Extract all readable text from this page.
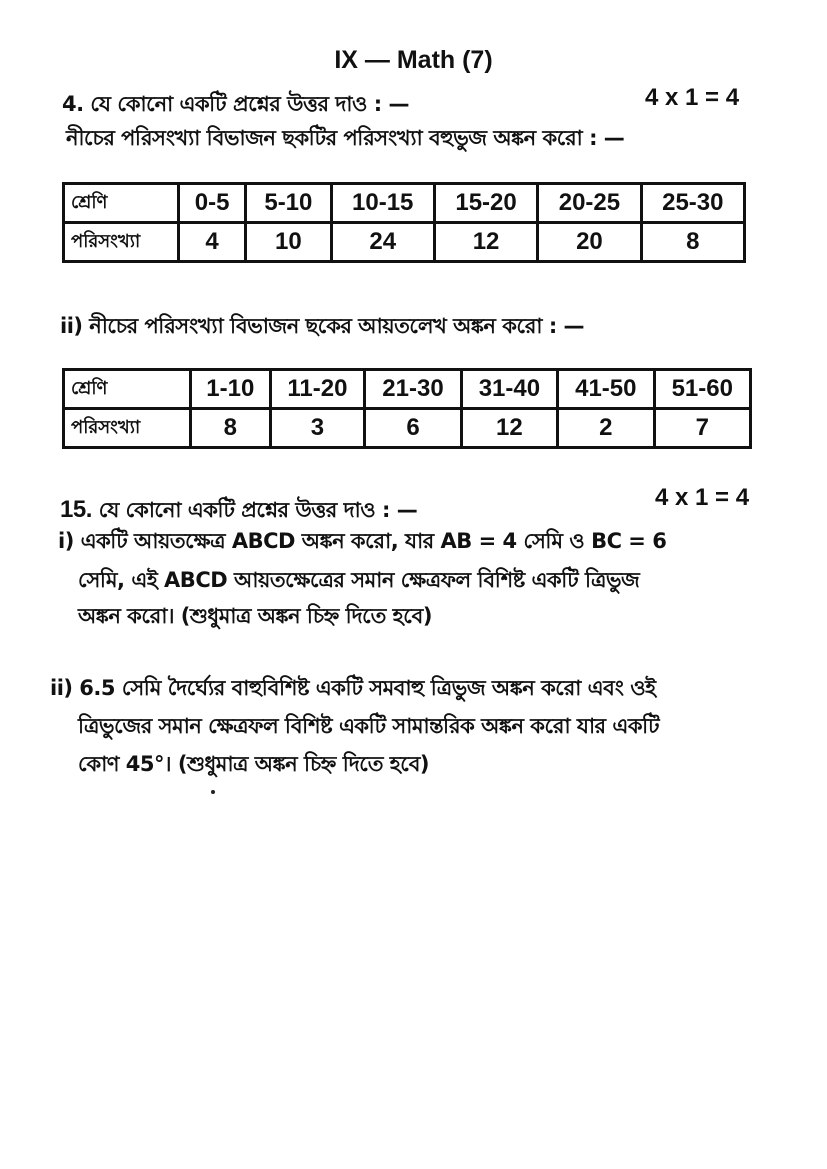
IX — Math (7)
4. যে কোনো একটি প্রশ্নের উত্তর দাও : —	4 x 1 = 4
নীচের পরিসংখ্যা বিভাজন ছকটির পরিসংখ্যা বহুভুজ অঙ্কন করো : —
শ্রেণি	0-5	5-10	10-15	15-20	20-25	25-30
পরিসংখ্যা	4	10	24	12	20	8
ii) নীচের পরিসংখ্যা বিভাজন ছকের আয়তলেখ অঙ্কন করো : —
শ্রেণি	1-10	11-20	21-30	31-40	41-50	51-60
পরিসংখ্যা	8	3	6	12	2	7
15. যে কোনো একটি প্রশ্নের উত্তর দাও : —	4 x 1 = 4
i) একটি আয়তক্ষেত্র ABCD অঙ্কন করো, যার AB = 4 সেমি ও BC = 6
সেমি, এই ABCD আয়তক্ষেত্রের সমান ক্ষেত্রফল বিশিষ্ট একটি ত্রিভুজ
অঙ্কন করো। (শুধুমাত্র অঙ্কন চিহ্ন দিতে হবে)
ii) 6.5 সেমি দৈর্ঘ্যের বাহুবিশিষ্ট একটি সমবাহু ত্রিভুজ অঙ্কন করো এবং ওই
ত্রিভুজের সমান ক্ষেত্রফল বিশিষ্ট একটি সামান্তরিক অঙ্কন করো যার একটি
কোণ 45°। (শুধুমাত্র অঙ্কন চিহ্ন দিতে হবে)
